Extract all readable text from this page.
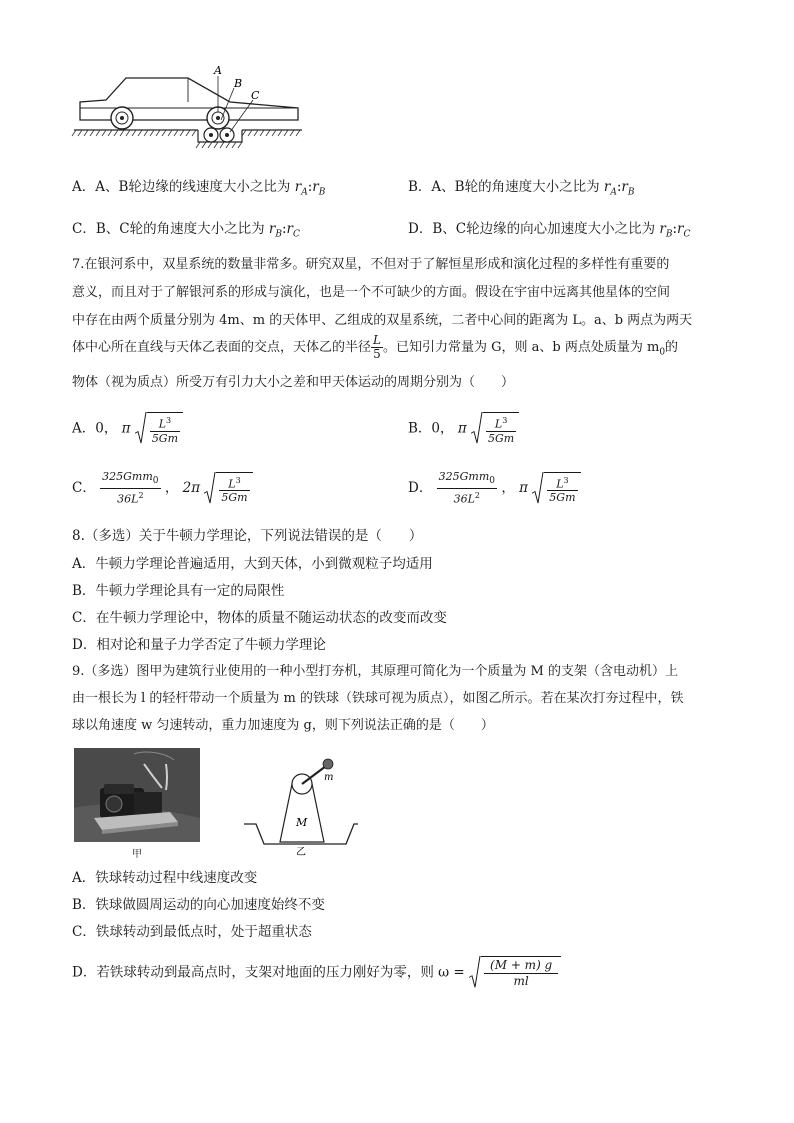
A
B
C
A．A、B轮边缘的线速度大小之比为 $r_A:r_B$	B．A、B轮的角速度大小之比为 $r_A:r_B$
C．B、C轮的角速度大小之比为 $r_B:r_C$	D．B、C轮边缘的向心加速度大小之比为 $r_B:r_C$
7.在银河系中，双星系统的数量非常多。研究双星，不但对于了解恒星形成和演化过程的多样性有重要的
意义，而且对于了解银河系的形成与演化，也是一个不可缺少的方面。假设在宇宙中远离其他星体的空间
中存在由两个质量分别为 4m、m 的天体甲、乙组成的双星系统，二者中心间的距离为 L。a、b 两点为两天
体中心所在直线与天体乙表面的交点，天体乙的半径 $\frac{L}{5}$ 。已知引力常量为 G，则 a、b 两点处质量为 $m_0$的
物体（视为质点）所受万有引力大小之差和甲天体运动的周期分别为（　　）
A．0， π $\frac{L^3}{5Gm}$	B．0， π $\frac{L^3}{5Gm}$
C． $\frac{325Gmm_0}{36L^2}$ ， $2\pi \frac{L^3}{5Gm}$	D． $\frac{325Gmm_0}{36L^2}$ ， π $\frac{L^3}{5Gm}$
8.（多选）关于牛顿力学理论，下列说法错误的是（　　）
A．牛顿力学理论普遍适用，大到天体，小到微观粒子均适用
B．牛顿力学理论具有一定的局限性
C．在牛顿力学理论中，物体的质量不随运动状态的改变而改变
D．相对论和量子力学否定了牛顿力学理论
9.（多选）图甲为建筑行业使用的一种小型打夯机，其原理可简化为一个质量为 M 的支架（含电动机）上
由一根长为 l 的轻杆带动一个质量为 m 的铁球（铁球可视为质点），如图乙所示。若在某次打夯过程中，铁
球以角速度 w 匀速转动，重力加速度为 g，则下列说法正确的是（　　）
甲
m
M
乙
A．铁球转动过程中线速度改变
B．铁球做圆周运动的向心加速度始终不变
C．铁球转动到最低点时，处于超重状态
D．若铁球转动到最高点时，支架对地面的压力刚好为零，则 $\omega = \frac{(M + m) g}{ml}$
